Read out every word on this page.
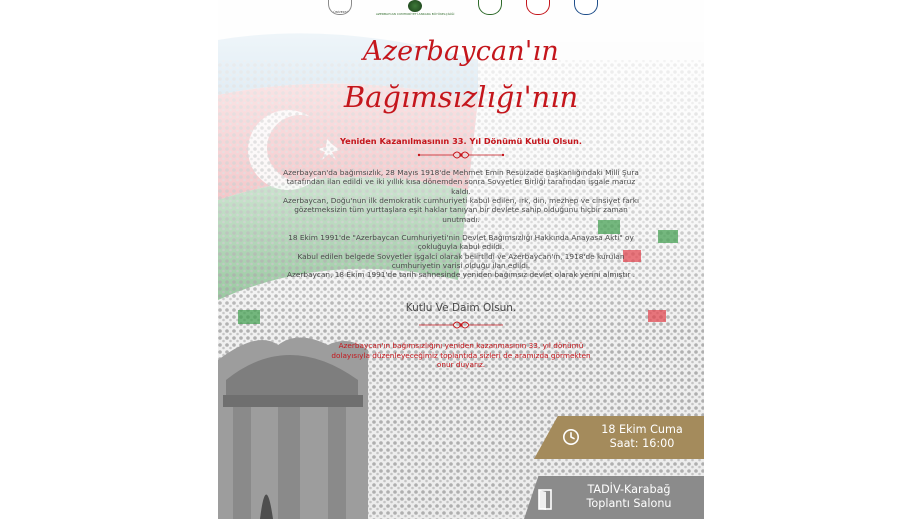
AL ÜNİVERSİTE	AZERBAYCAN CUMHURİYETİ ANKARA BÜYÜKELÇİLİĞİ
Azerbaycan'ın
Bağımsızlığı'nın
Yeniden Kazanılmasının 33. Yıl Dönümü Kutlu Olsun.

Azerbaycan'da bağımsızlık, 28 Mayıs 1918'de Mehmet Emin Resulzade başkanlığındaki Milli Şura tarafından ilan edildi ve iki yıllık kısa dönemden sonra Sovyetler Birliği tarafından işgale maruz kaldı.

Azerbaycan, Doğu'nun ilk demokratik cumhuriyeti kabul edilen, ırk, din, mezhep ve cinsiyet farkı gözetmeksizin tüm yurttaşlara eşit haklar tanıyan bir devlete sahip olduğunu hiçbir zaman unutmadı.

18 Ekim 1991'de "Azerbaycan Cumhuriyeti'nin Devlet Bağımsızlığı Hakkında Anayasa Akti" oy çokluğuyla kabul edildi.

Kabul edilen belgede Sovyetler işgalci olarak belirtildi ve Azerbaycan'ın, 1918'de kurulan cumhuriyetin varisi olduğu ilan edildi.

Azerbaycan, 18 Ekim 1991'de tarih sahnesinde yeniden bağımsız devlet olarak yerini almıştır .

Kutlu Ve Daim Olsun.

Azerbaycan'ın bağımsızlığını yeniden kazanmasının 33. yıl dönümü dolayısıyla düzenleyeceğimiz toplantıda sizleri de aramızda görmekten onur duyarız.

18 Ekim Cuma
Saat: 16:00
TADİV-Karabağ
Toplantı Salonu
